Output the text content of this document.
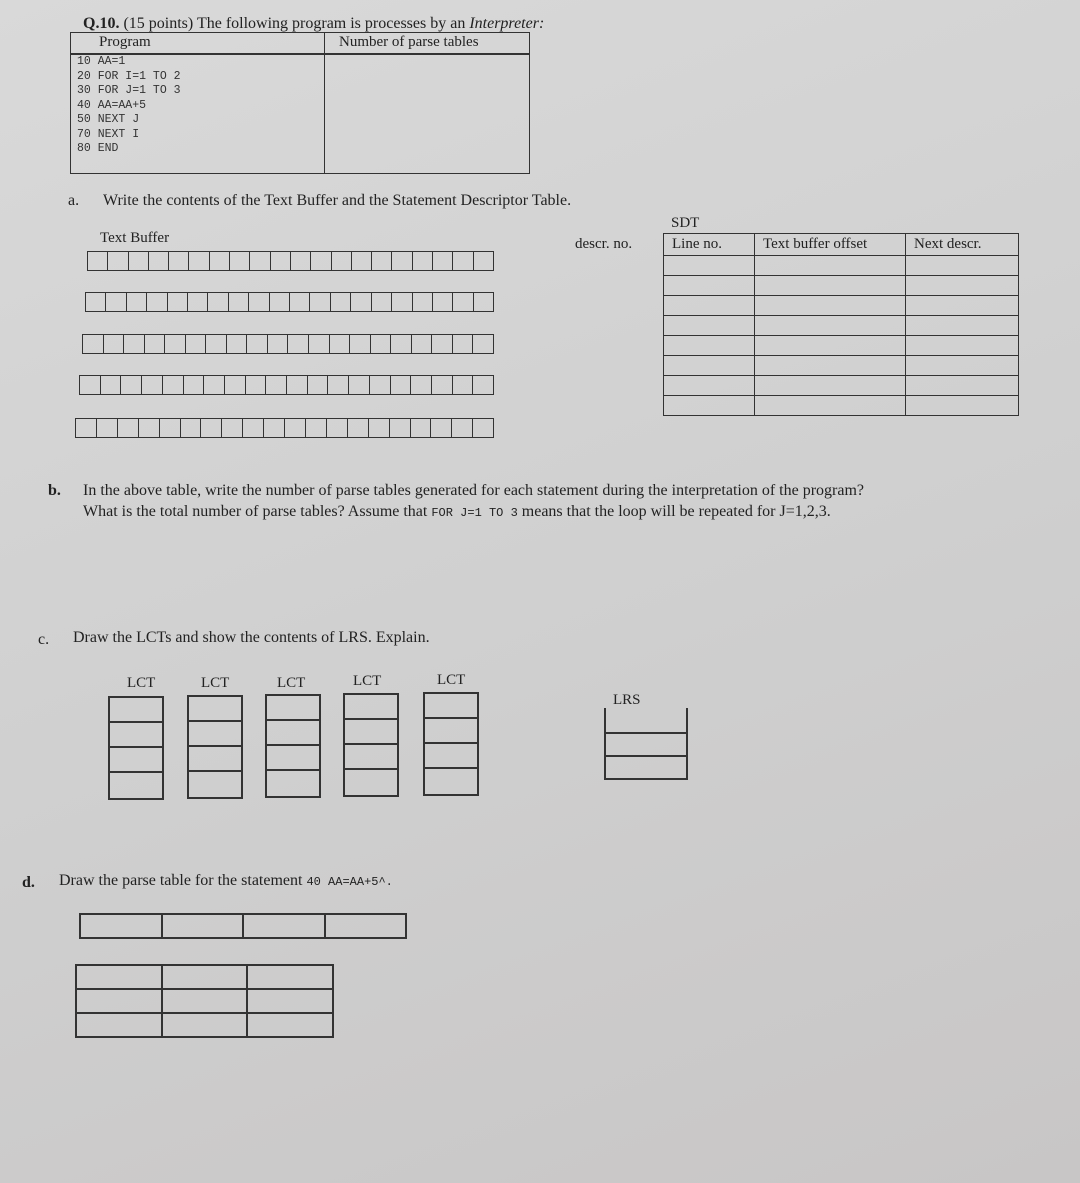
Q.10. (15 points) The following program is processes by an Interpreter:
Program	Number of parse tables
10 AA=1
20 FOR I=1 TO 2
30 FOR J=1 TO 3
40 AA=AA+5
50 NEXT J
70 NEXT I
80 END
a. Write the contents of the Text Buffer and the Statement Descriptor Table.
Text Buffer
SDT
descr. no.	Line no.	Text buffer offset	Next descr.

b. In the above table, write the number of parse tables generated for each statement during the interpretation of the program?
What is the total number of parse tables? Assume that FOR J=1 TO 3 means that the loop will be repeated for J=1,2,3.
c. Draw the LCTs and show the contents of LRS. Explain.
LCT	LCT	LCT	LCT	LCT
LRS
d. Draw the parse table for the statement 40 AA=AA+5^.
